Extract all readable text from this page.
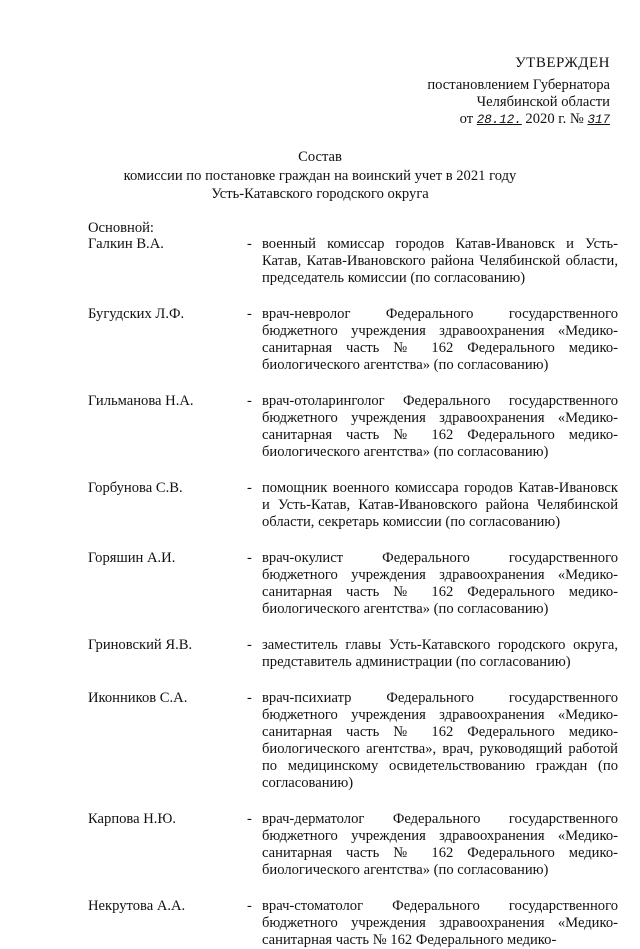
УТВЕРЖДЕН
постановлением Губернатора
Челябинской области
от 28.12. 2020 г. № 317
Состав
комиссии по постановке граждан на воинский учет в 2021 году
Усть-Катавского городского округа
Основной:
Галкин В.А.	- военный комиссар городов Катав-Ивановск и Усть-Катав, Катав-Ивановского района Челябинской области, председатель комиссии (по согласованию)
Бугудских Л.Ф.	- врач-невролог Федерального государственного бюджетного учреждения здравоохранения «Медико-санитарная часть № 162 Федерального медико-биологического агентства» (по согласованию)
Гильманова Н.А.	- врач-отоларинголог Федерального государственного бюджетного учреждения здравоохранения «Медико-санитарная часть № 162 Федерального медико-биологического агентства» (по согласованию)
Горбунова С.В.	- помощник военного комиссара городов Катав-Ивановск и Усть-Катав, Катав-Ивановского района Челябинской области, секретарь комиссии (по согласованию)
Горяшин А.И.	- врач-окулист Федерального государственного бюджетного учреждения здравоохранения «Медико-санитарная часть № 162 Федерального медико-биологического агентства» (по согласованию)
Гриновский Я.В.	- заместитель главы Усть-Катавского городского округа, представитель администрации (по согласованию)
Иконников С.А.	- врач-психиатр Федерального государственного бюджетного учреждения здравоохранения «Медико-санитарная часть № 162 Федерального медико-биологического агентства», врач, руководящий работой по медицинскому освидетельствованию граждан (по согласованию)
Карпова Н.Ю.	- врач-дерматолог Федерального государственного бюджетного учреждения здравоохранения «Медико-санитарная часть № 162 Федерального медико-биологического агентства» (по согласованию)
Некрутова А.А.	- врач-стоматолог Федерального государственного бюджетного учреждения здравоохранения «Медико-санитарная часть № 162 Федерального медико-
